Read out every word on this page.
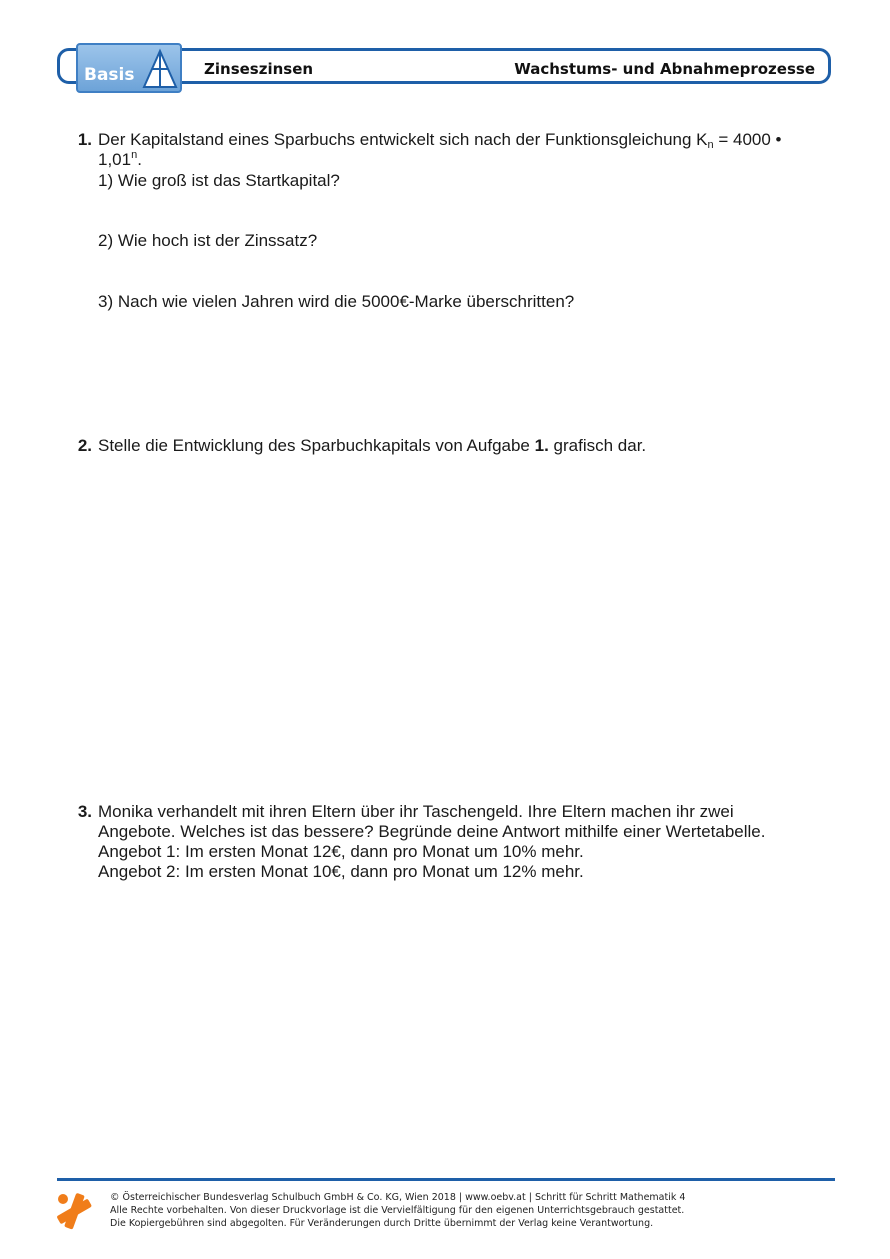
Basis	Zinseszinsen	Wachstums- und Abnahmeprozesse
1. Der Kapitalstand eines Sparbuchs entwickelt sich nach der Funktionsgleichung $K_n = 4000$ •

1,01$^n$.

1) Wie groß ist das Startkapital?
2) Wie hoch ist der Zinssatz?
3) Nach wie vielen Jahren wird die 5000€-Marke überschritten?
2. Stelle die Entwicklung des Sparbuchkapitals von Aufgabe 1. grafisch dar.

3. Monika verhandelt mit ihren Eltern über ihr Taschengeld. Ihre Eltern machen ihr zwei

Angebote. Welches ist das bessere? Begründe deine Antwort mithilfe einer Wertetabelle.

Angebot 1: Im ersten Monat 12€, dann pro Monat um 10% mehr.

Angebot 2: Im ersten Monat 10€, dann pro Monat um 12% mehr.

© Österreichischer Bundesverlag Schulbuch GmbH & Co. KG, Wien 2018 | www.oebv.at | Schritt für Schritt Mathematik 4
Alle Rechte vorbehalten. Von dieser Druckvorlage ist die Vervielfältigung für den eigenen Unterrichtsgebrauch gestattet.
Die Kopiergebühren sind abgegolten. Für Veränderungen durch Dritte übernimmt der Verlag keine Verantwortung.
